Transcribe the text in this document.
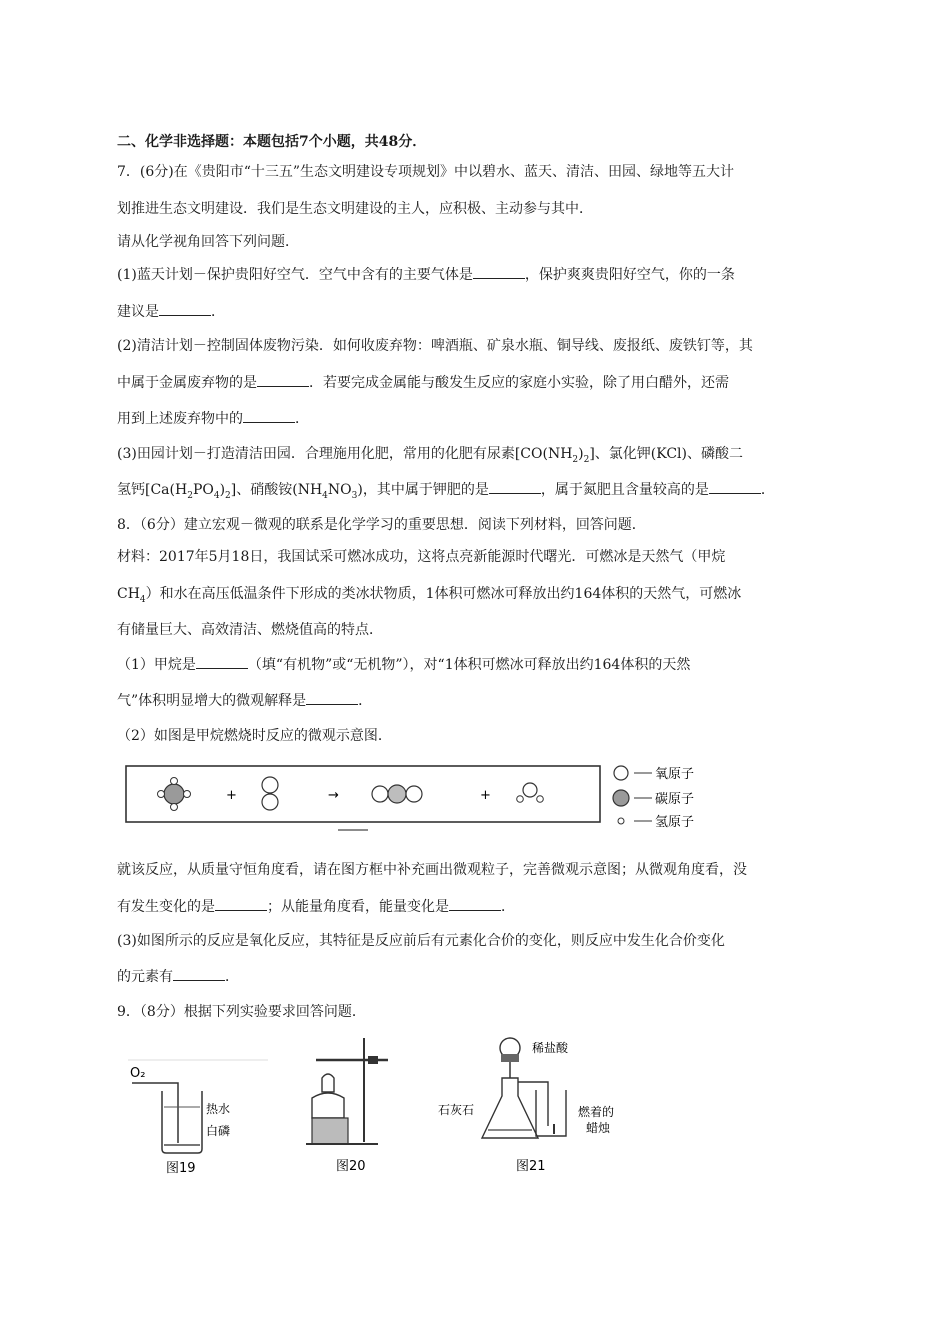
二、化学非选择题：本题包括7个小题，共48分．
7．(6分)在《贵阳市“十三五”生态文明建设专项规划》中以碧水、蓝天、清洁、田园、绿地等五大计
划推进生态文明建设．我们是生态文明建设的主人，应积极、主动参与其中．
请从化学视角回答下列问题．
(1)蓝天计划－保护贵阳好空气．空气中含有的主要气体是	，保护爽爽贵阳好空气，你的一条
建议是	．
(2)清洁计划－控制固体废物污染．如何收废弃物：啤酒瓶、矿泉水瓶、铜导线、废报纸、废铁钉等，其
中属于金属废弃物的是	．若要完成金属能与酸发生反应的家庭小实验，除了用白醋外，还需
用到上述废弃物中的	．
(3)田园计划－打造清洁田园．合理施用化肥，常用的化肥有尿素$[CO(NH_2)_2]$、氯化钾(KCl)、磷酸二
氢钙$[Ca(H_2PO_4)_2]$、硝酸铵$(NH_4NO_3)$，其中属于钾肥的是	，属于氮肥且含量较高的是	．
8．（6分）建立宏观－微观的联系是化学学习的重要思想．阅读下列材料，回答问题．
材料：2017年5月18日，我国试采可燃冰成功，这将点亮新能源时代曙光．可燃冰是天然气（甲烷
$CH_4$）和水在高压低温条件下形成的类冰状物质，1体积可燃冰可释放出约164体积的天然气，可燃冰
有储量巨大、高效清洁、燃烧值高的特点．
（1）甲烷是	（填“有机物”或“无机物”），对“1体积可燃冰可释放出约164体积的天然
气”体积明显增大的微观解释是	．
（2）如图是甲烷燃烧时反应的微观示意图．
+	→	+
氧原子
碳原子
氢原子
就该反应，从质量守恒角度看，请在图方框中补充画出微观粒子，完善微观示意图；从微观角度看，没
有发生变化的是	；从能量角度看，能量变化是	．
(3)如图所示的反应是氧化反应，其特征是反应前后有元素化合价的变化，则反应中发生化合价变化
的元素有	．
9．（8分）根据下列实验要求回答问题．
O₂
热水
白磷
图19	图20
稀盐酸
石灰石	燃着的
蜡烛
图21
